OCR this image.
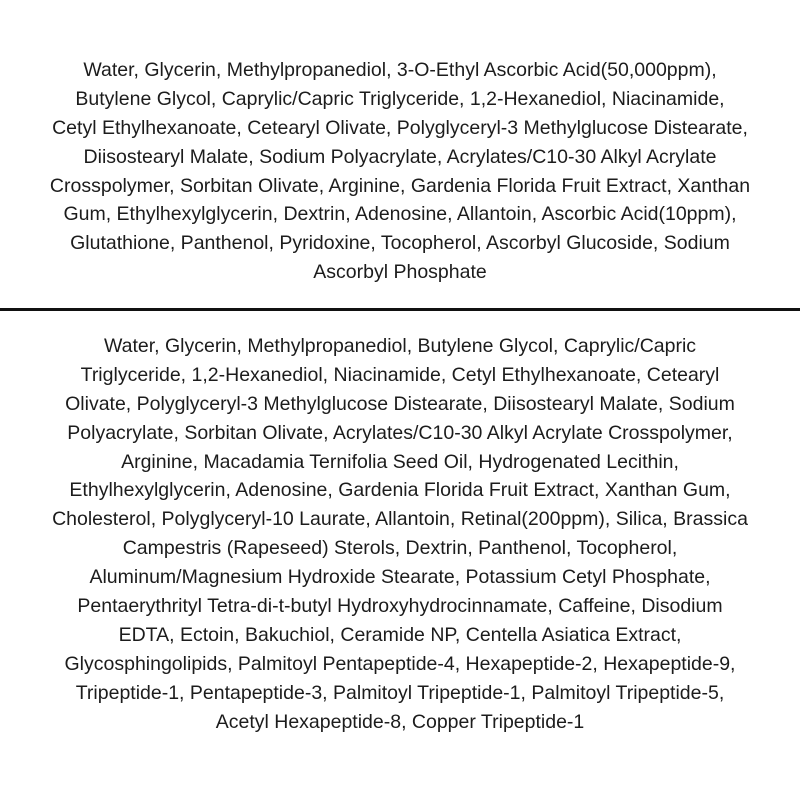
Water, Glycerin, Methylpropanediol, 3-O-Ethyl Ascorbic Acid(50,000ppm),
Butylene Glycol, Caprylic/Capric Triglyceride, 1,2-Hexanediol, Niacinamide,
Cetyl Ethylhexanoate, Cetearyl Olivate, Polyglyceryl-3 Methylglucose Distearate,
Diisostearyl Malate, Sodium Polyacrylate, Acrylates/C10-30 Alkyl Acrylate
Crosspolymer, Sorbitan Olivate, Arginine, Gardenia Florida Fruit Extract, Xanthan
Gum, Ethylhexylglycerin, Dextrin, Adenosine, Allantoin, Ascorbic Acid(10ppm),
Glutathione, Panthenol, Pyridoxine, Tocopherol, Ascorbyl Glucoside, Sodium
Ascorbyl Phosphate
Water, Glycerin, Methylpropanediol, Butylene Glycol, Caprylic/Capric
Triglyceride, 1,2-Hexanediol, Niacinamide, Cetyl Ethylhexanoate, Cetearyl
Olivate, Polyglyceryl-3 Methylglucose Distearate, Diisostearyl Malate, Sodium
Polyacrylate, Sorbitan Olivate, Acrylates/C10-30 Alkyl Acrylate Crosspolymer,
Arginine, Macadamia Ternifolia Seed Oil, Hydrogenated Lecithin,
Ethylhexylglycerin, Adenosine, Gardenia Florida Fruit Extract, Xanthan Gum,
Cholesterol, Polyglyceryl-10 Laurate, Allantoin, Retinal(200ppm), Silica, Brassica
Campestris (Rapeseed) Sterols, Dextrin, Panthenol, Tocopherol,
Aluminum/Magnesium Hydroxide Stearate, Potassium Cetyl Phosphate,
Pentaerythrityl Tetra-di-t-butyl Hydroxyhydrocinnamate, Caffeine, Disodium
EDTA, Ectoin, Bakuchiol, Ceramide NP, Centella Asiatica Extract,
Glycosphingolipids, Palmitoyl Pentapeptide-4, Hexapeptide-2, Hexapeptide-9,
Tripeptide-1, Pentapeptide-3, Palmitoyl Tripeptide-1, Palmitoyl Tripeptide-5,
Acetyl Hexapeptide-8, Copper Tripeptide-1
